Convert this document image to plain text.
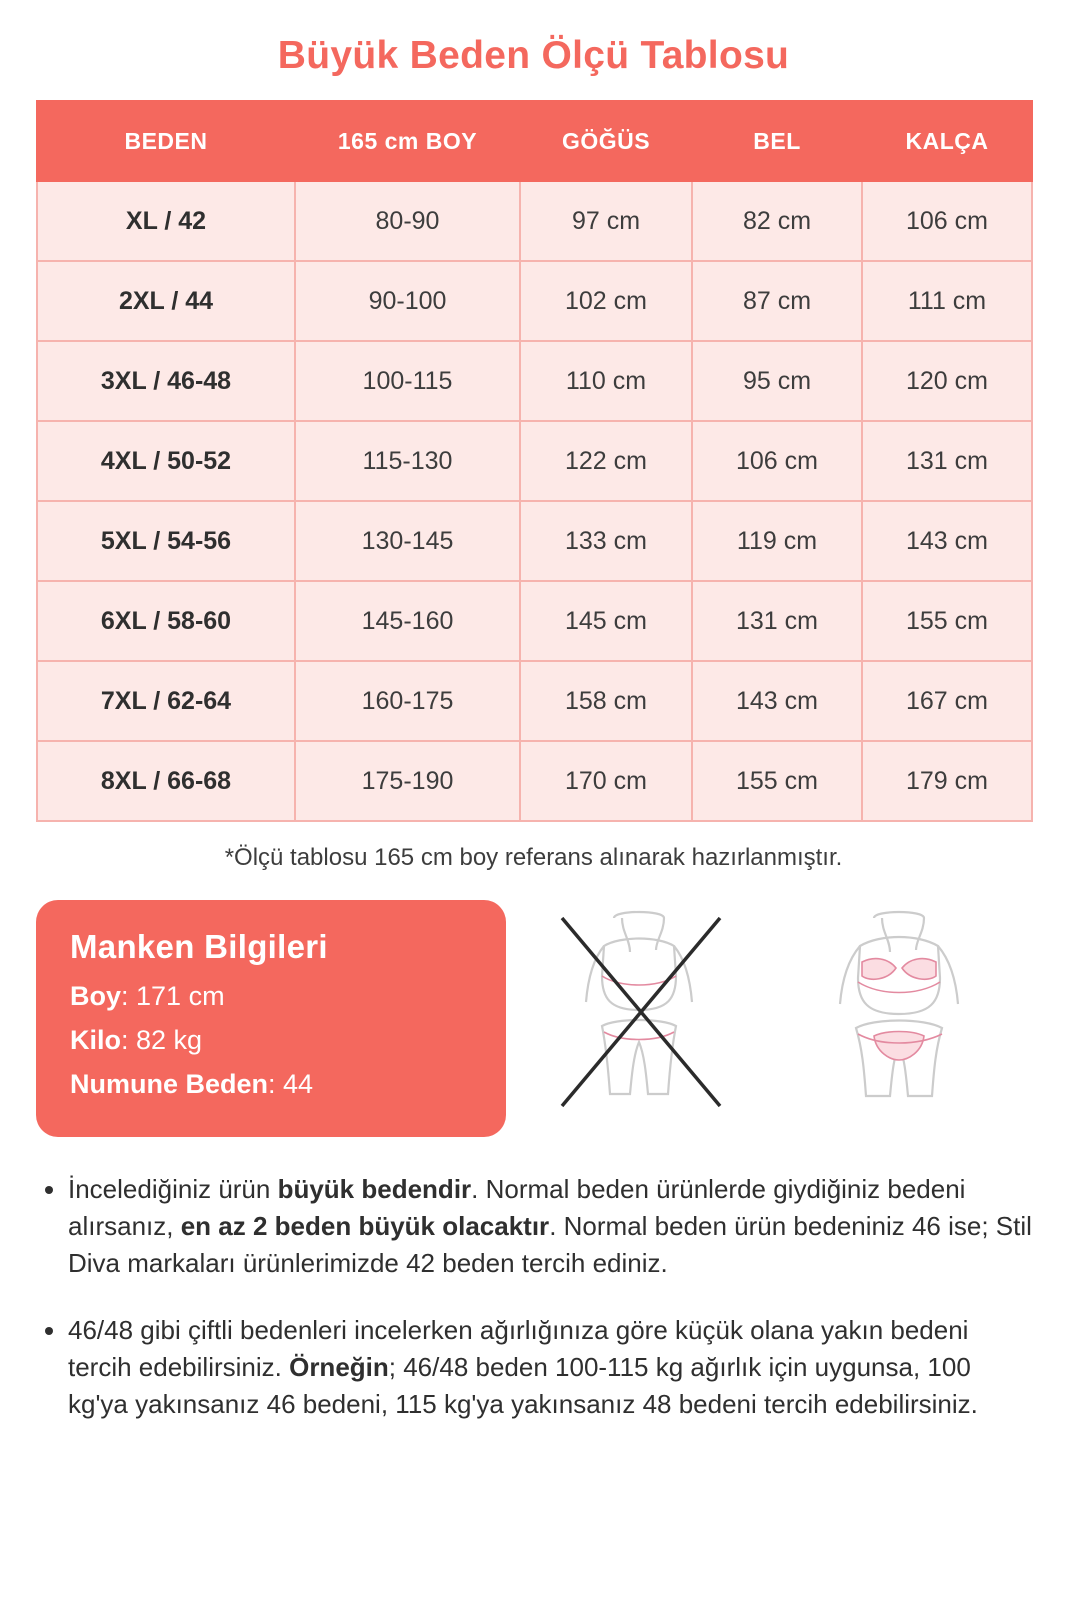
Büyük Beden Ölçü Tablosu
BEDEN	165 cm BOY	GÖĞÜS	BEL	KALÇA
XL / 42	80-90	97 cm	82 cm	106 cm
2XL / 44	90-100	102 cm	87 cm	111 cm
3XL / 46-48	100-115	110 cm	95 cm	120 cm
4XL / 50-52	115-130	122 cm	106 cm	131 cm
5XL / 54-56	130-145	133 cm	119 cm	143 cm
6XL / 58-60	145-160	145 cm	131 cm	155 cm
7XL / 62-64	160-175	158 cm	143 cm	167 cm
8XL / 66-68	175-190	170 cm	155 cm	179 cm

*Ölçü tablosu 165 cm boy referans alınarak hazırlanmıştır.

Manken Bilgileri
Boy: 171 cm
Kilo: 82 kg
Numune Beden: 44
• İncelediğiniz ürün büyük bedendir. Normal beden ürünlerde giydiğiniz bedeni alırsanız, en az 2 beden büyük olacaktır. Normal beden ürün bedeniniz 46 ise; Stil Diva markaları ürünlerimizde 42 beden tercih ediniz.
• 46/48 gibi çiftli bedenleri incelerken ağırlığınıza göre küçük olana yakın bedeni tercih edebilirsiniz. Örneğin; 46/48 beden 100-115 kg ağırlık için uygunsa, 100 kg'ya yakınsanız 46 bedeni, 115 kg'ya yakınsanız 48 bedeni tercih edebilirsiniz.
